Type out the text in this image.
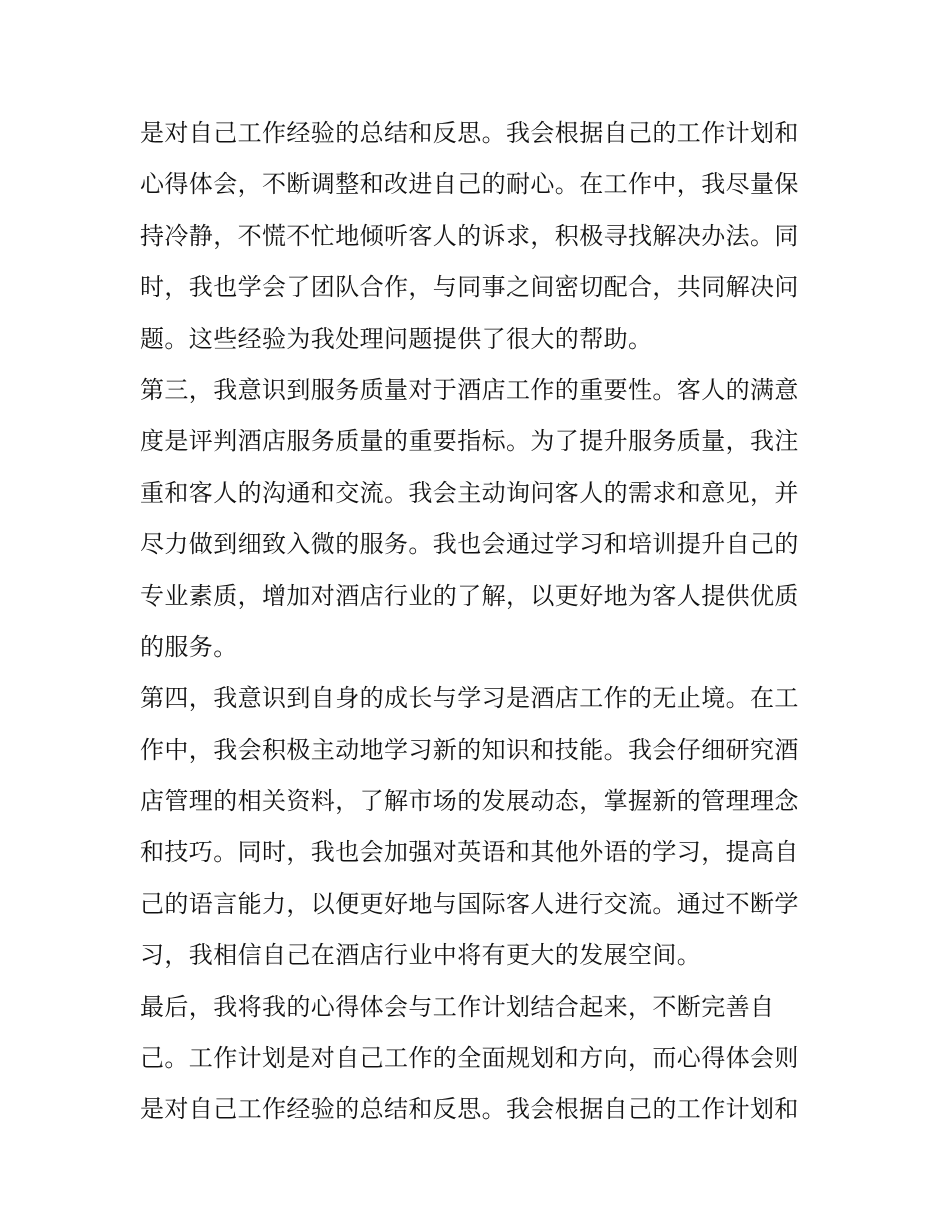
是对自己工作经验的总结和反思。我会根据自己的工作计划和
心得体会，不断调整和改进自己的耐心。在工作中，我尽量保
持冷静，不慌不忙地倾听客人的诉求，积极寻找解决办法。同
时，我也学会了团队合作，与同事之间密切配合，共同解决问
题。这些经验为我处理问题提供了很大的帮助。
第三，我意识到服务质量对于酒店工作的重要性。客人的满意
度是评判酒店服务质量的重要指标。为了提升服务质量，我注
重和客人的沟通和交流。我会主动询问客人的需求和意见，并
尽力做到细致入微的服务。我也会通过学习和培训提升自己的
专业素质，增加对酒店行业的了解，以更好地为客人提供优质
的服务。
第四，我意识到自身的成长与学习是酒店工作的无止境。在工
作中，我会积极主动地学习新的知识和技能。我会仔细研究酒
店管理的相关资料，了解市场的发展动态，掌握新的管理理念
和技巧。同时，我也会加强对英语和其他外语的学习，提高自
己的语言能力，以便更好地与国际客人进行交流。通过不断学
习，我相信自己在酒店行业中将有更大的发展空间。
最后，我将我的心得体会与工作计划结合起来，不断完善自
己。工作计划是对自己工作的全面规划和方向，而心得体会则
是对自己工作经验的总结和反思。我会根据自己的工作计划和
